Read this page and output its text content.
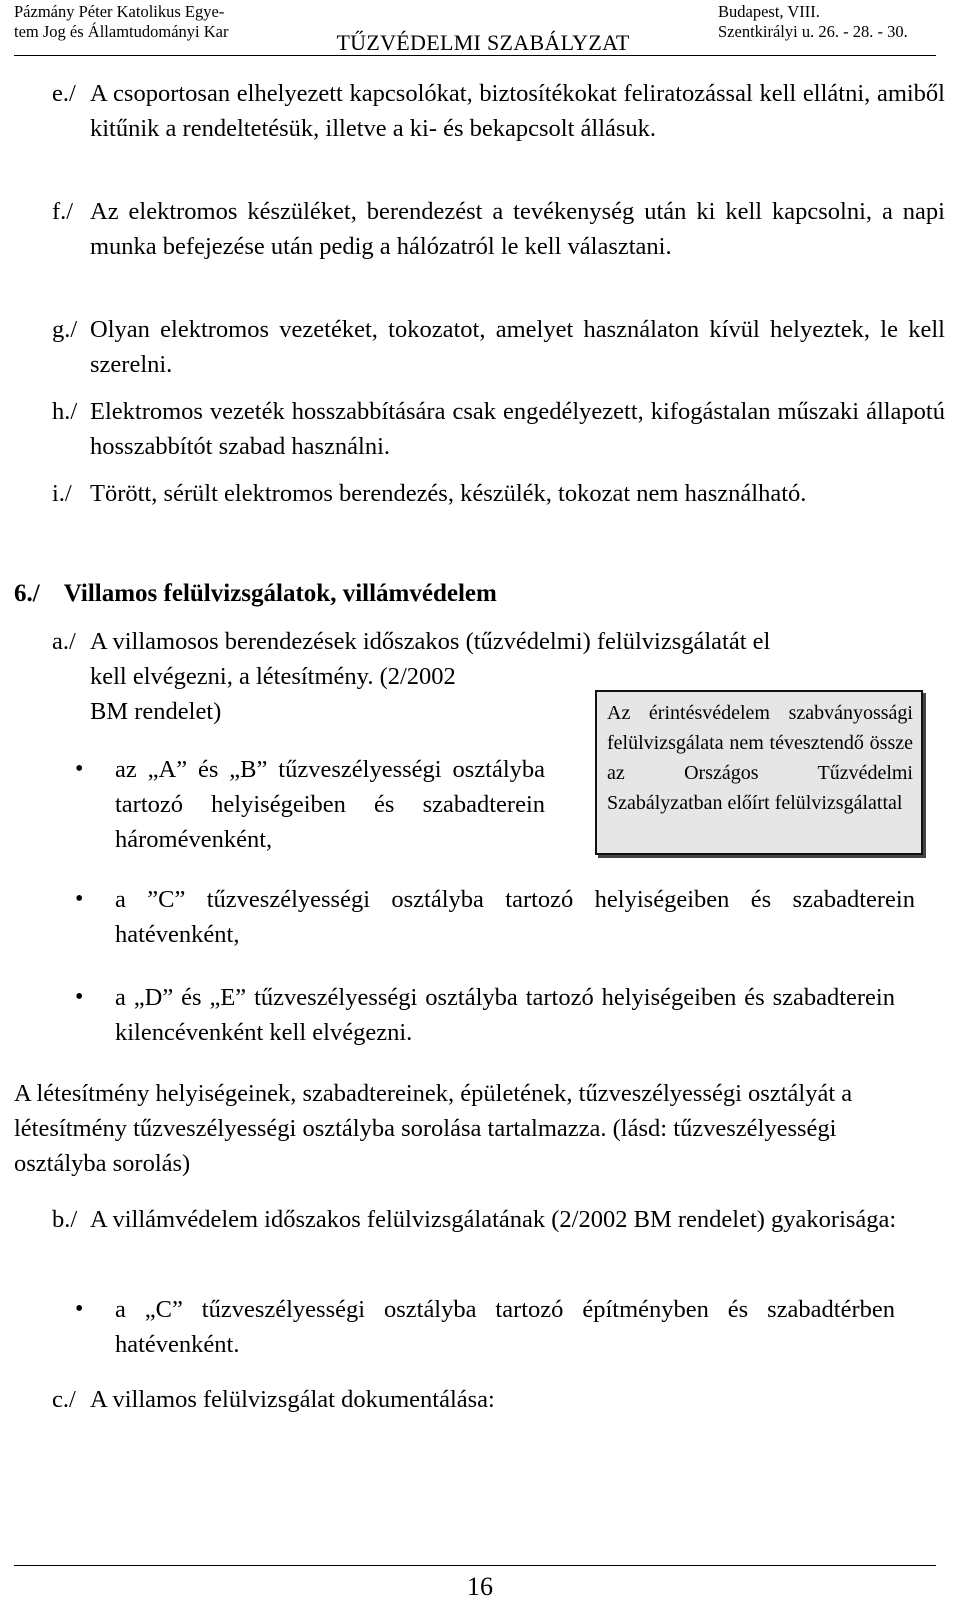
Pázmány Péter Katolikus Egye-
tem Jog és Államtudományi Kar	TŰZVÉDELMI SZABÁLYZAT
Budapest, VIII.
Szentkirályi u. 26. - 28. - 30.
e./ A csoportosan elhelyezett kapcsolókat, biztosítékokat feliratozással kell ellátni, amiből kitűnik a rendeltetésük, illetve a ki- és bekapcsolt állásuk.
f./ Az elektromos készüléket, berendezést a tevékenység után ki kell kapcsolni, a napi munka befejezése után pedig a hálózatról le kell választani.
g./ Olyan elektromos vezetéket, tokozatot, amelyet használaton kívül helyeztek, le kell szerelni.
h./ Elektromos vezeték hosszabbítására csak engedélyezett, kifogástalan műszaki állapotú hosszabbítót szabad használni.
i./ Törött, sérült elektromos berendezés, készülék, tokozat nem használható.
6./ Villamos felülvizsgálatok, villámvédelem
a./ A villamosos berendezések időszakos (tűzvédelmi) felülvizsgálatát el
kell elvégezni, a létesítmény. (2/2002
BM rendelet)	Az érintésvédelem szabványossági felülvizsgálata nem tévesztendő össze az Országos Tűzvédelmi Szabályzatban előírt felülvizsgálattal
• az „A” és „B” tűzveszélyességi osztályba tartozó helyiségeiben és szabadterein háromévenként,
• a ”C” tűzveszélyességi osztályba tartozó helyiségeiben és szabadterein hatévenként,
• a „D” és „E” tűzveszélyességi osztályba tartozó helyiségeiben és szabadterein kilencévenként kell elvégezni.
A létesítmény helyiségeinek, szabadtereinek, épületének, tűzveszélyességi osztályát a létesítmény tűzveszélyességi osztályba sorolása tartalmazza. (lásd: tűzveszélyességi osztályba sorolás)
b./ A villámvédelem időszakos felülvizsgálatának (2/2002 BM rendelet) gyakorisága:
• a „C” tűzveszélyességi osztályba tartozó építményben és szabadtérben hatévenként.
c./ A villamos felülvizsgálat dokumentálása:
16
